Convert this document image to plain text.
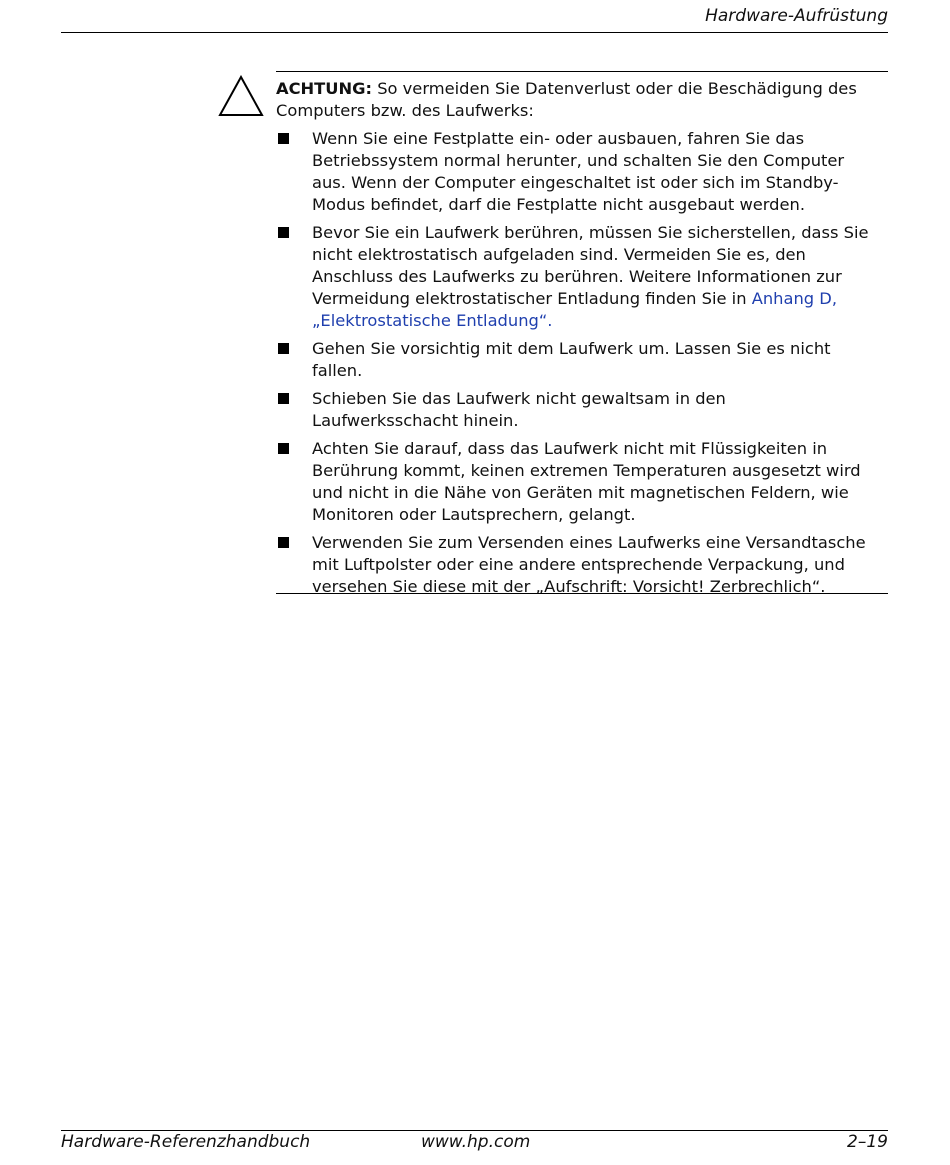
Hardware-Aufrüstung

ACHTUNG: So vermeiden Sie Datenverlust oder die Beschädigung des Computers bzw. des Laufwerks:

Wenn Sie eine Festplatte ein- oder ausbauen, fahren Sie das Betriebssystem normal herunter, und schalten Sie den Computer aus. Wenn der Computer eingeschaltet ist oder sich im Standby-Modus befindet, darf die Festplatte nicht ausgebaut werden.
Bevor Sie ein Laufwerk berühren, müssen Sie sicherstellen, dass Sie nicht elektrostatisch aufgeladen sind. Vermeiden Sie es, den Anschluss des Laufwerks zu berühren. Weitere Informationen zur Vermeidung elektrostatischer Entladung finden Sie in Anhang D, „Elektrostatische Entladung“.
Gehen Sie vorsichtig mit dem Laufwerk um. Lassen Sie es nicht fallen.
Schieben Sie das Laufwerk nicht gewaltsam in den Laufwerksschacht hinein.
Achten Sie darauf, dass das Laufwerk nicht mit Flüssigkeiten in Berührung kommt, keinen extremen Temperaturen ausgesetzt wird und nicht in die Nähe von Geräten mit magnetischen Feldern, wie Monitoren oder Lautsprechern, gelangt.
Verwenden Sie zum Versenden eines Laufwerks eine Versandtasche mit Luftpolster oder eine andere entsprechende Verpackung, und versehen Sie diese mit der „Aufschrift: Vorsicht! Zerbrechlich“.
Hardware-Referenzhandbuch	www.hp.com	2–19
